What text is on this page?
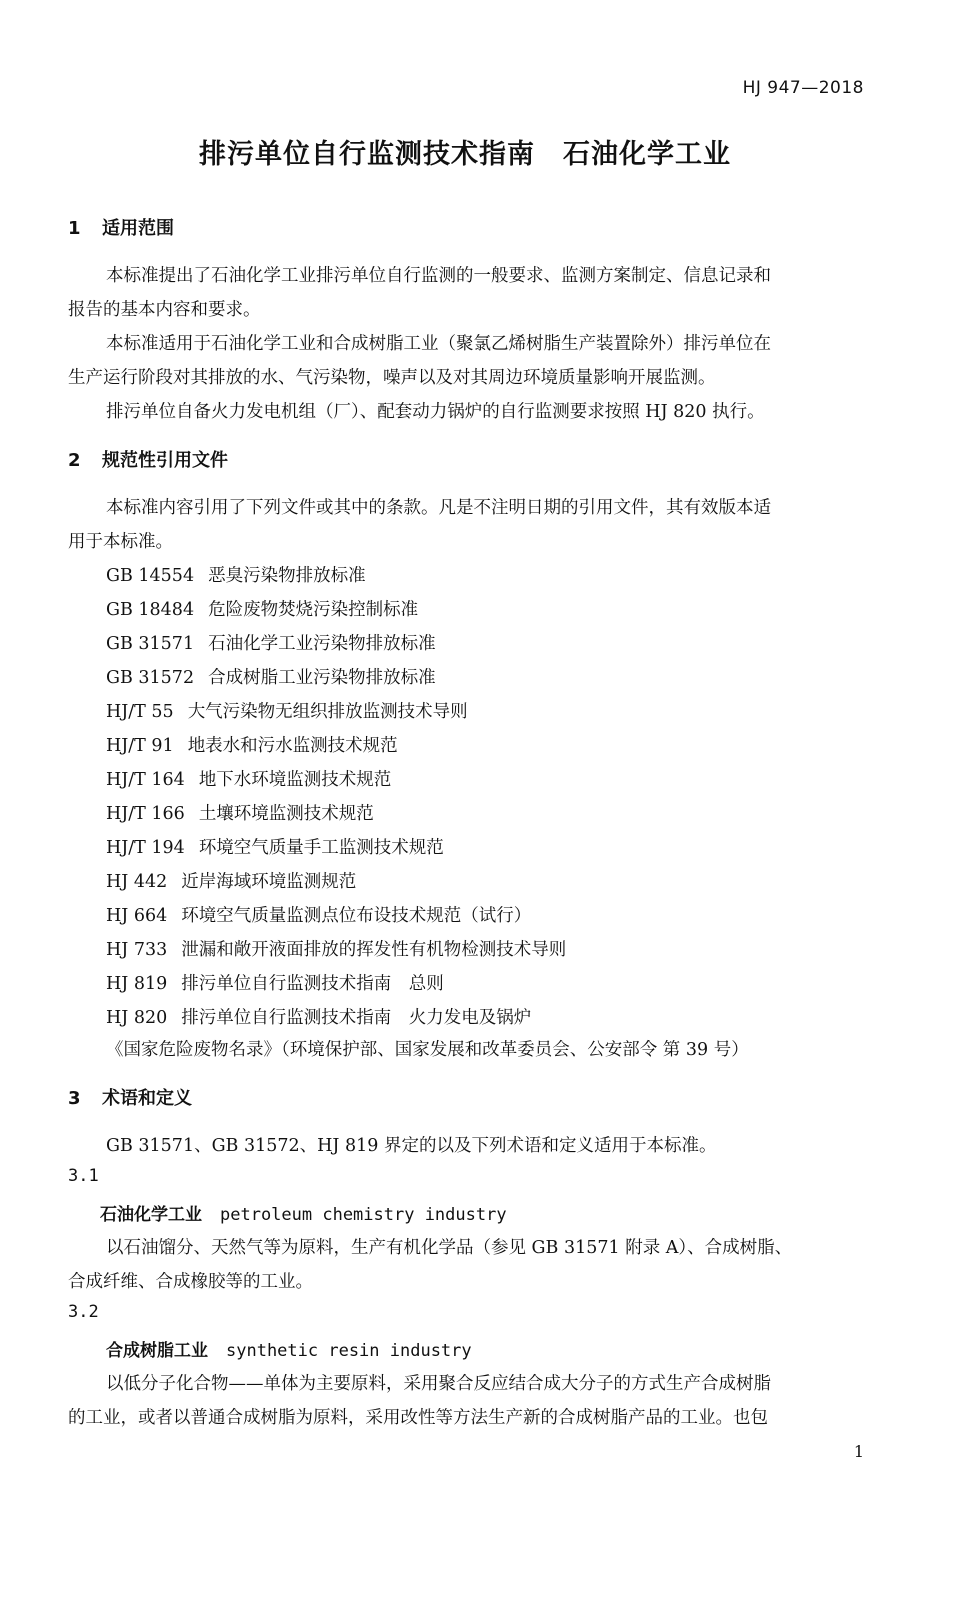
HJ 947—2018
排污单位自行监测技术指南　石油化学工业
1 适用范围
本标准提出了石油化学工业排污单位自行监测的一般要求、监测方案制定、信息记录和
报告的基本内容和要求。
本标准适用于石油化学工业和合成树脂工业（聚氯乙烯树脂生产装置除外）排污单位在
生产运行阶段对其排放的水、气污染物，噪声以及对其周边环境质量影响开展监测。
排污单位自备火力发电机组（厂）、配套动力锅炉的自行监测要求按照 HJ 820 执行。
2 规范性引用文件
本标准内容引用了下列文件或其中的条款。凡是不注明日期的引用文件，其有效版本适
用于本标准。
GB 14554 恶臭污染物排放标准
GB 18484 危险废物焚烧污染控制标准
GB 31571 石油化学工业污染物排放标准
GB 31572 合成树脂工业污染物排放标准
HJ/T 55 大气污染物无组织排放监测技术导则
HJ/T 91 地表水和污水监测技术规范
HJ/T 164 地下水环境监测技术规范
HJ/T 166 土壤环境监测技术规范
HJ/T 194 环境空气质量手工监测技术规范
HJ 442 近岸海域环境监测规范
HJ 664 环境空气质量监测点位布设技术规范（试行）
HJ 733 泄漏和敞开液面排放的挥发性有机物检测技术导则
HJ 819 排污单位自行监测技术指南　总则
HJ 820 排污单位自行监测技术指南　火力发电及锅炉
《国家危险废物名录》（环境保护部、国家发展和改革委员会、公安部令 第 39 号）
3 术语和定义
GB 31571、GB 31572、HJ 819 界定的以及下列术语和定义适用于本标准。
3.1
石油化学工业 petroleum chemistry industry
以石油馏分、天然气等为原料，生产有机化学品（参见 GB 31571 附录 A）、合成树脂、
合成纤维、合成橡胶等的工业。
3.2
合成树脂工业 synthetic resin industry
以低分子化合物——单体为主要原料，采用聚合反应结合成大分子的方式生产合成树脂
的工业，或者以普通合成树脂为原料，采用改性等方法生产新的合成树脂产品的工业。也包
1
